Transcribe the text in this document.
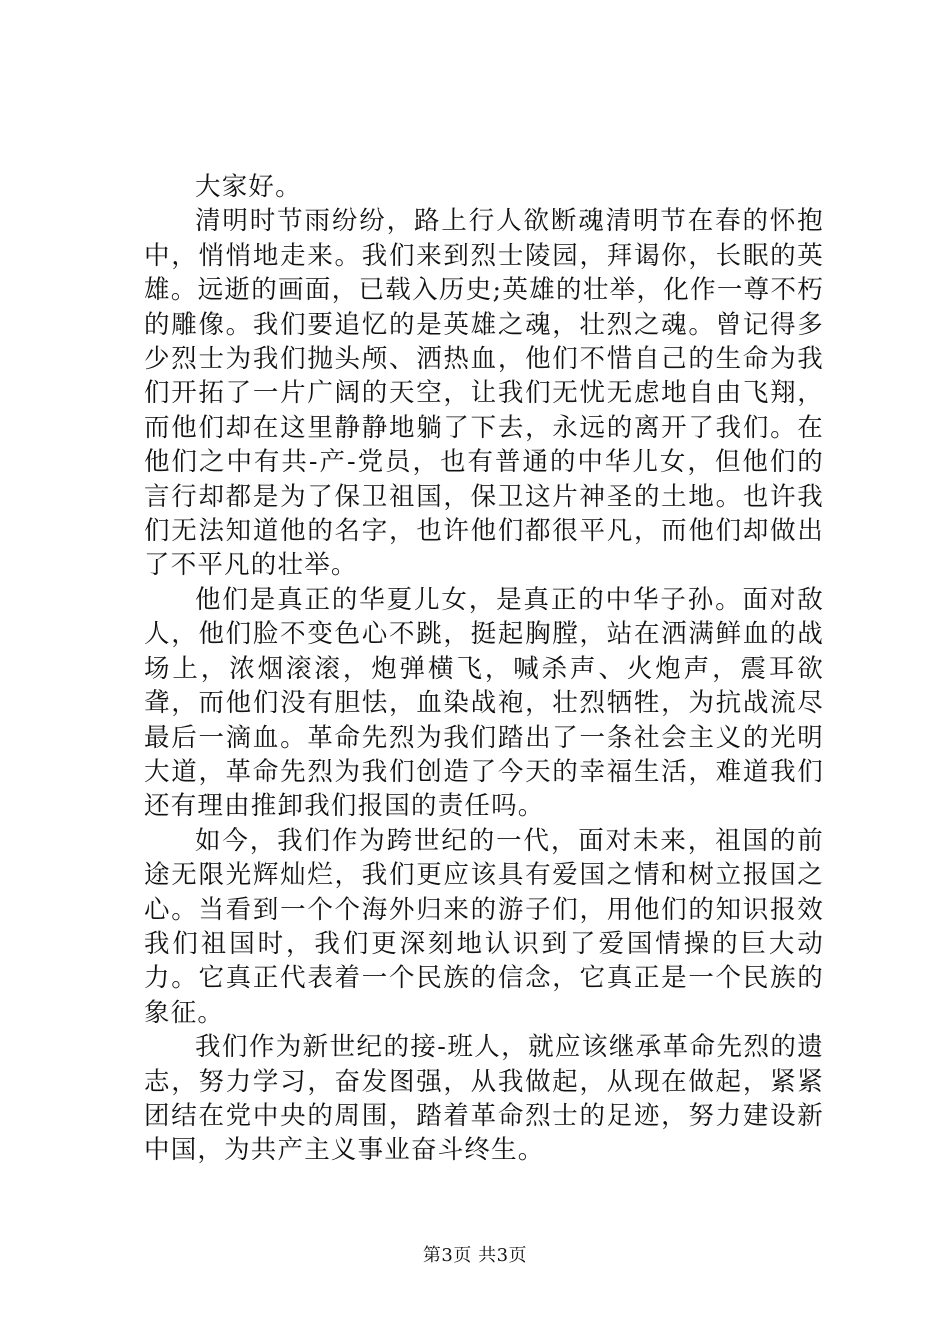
大家好。

清明时节雨纷纷，路上行人欲断魂清明节在春的怀抱中，悄悄地走来。我们来到烈士陵园，拜谒你，长眠的英雄。远逝的画面，已载入历史;英雄的壮举，化作一尊不朽的雕像。我们要追忆的是英雄之魂，壮烈之魂。曾记得多少烈士为我们抛头颅、洒热血，他们不惜自己的生命为我们开拓了一片广阔的天空，让我们无忧无虑地自由飞翔，而他们却在这里静静地躺了下去，永远的离开了我们。在他们之中有共-产-党员，也有普通的中华儿女，但他们的言行却都是为了保卫祖国，保卫这片神圣的土地。也许我们无法知道他的名字，也许他们都很平凡，而他们却做出了不平凡的壮举。

他们是真正的华夏儿女，是真正的中华子孙。面对敌人，他们脸不变色心不跳，挺起胸膛，站在洒满鲜血的战场上，浓烟滚滚，炮弹横飞，喊杀声、火炮声，震耳欲聋，而他们没有胆怯，血染战袍，壮烈牺牲，为抗战流尽最后一滴血。革命先烈为我们踏出了一条社会主义的光明大道，革命先烈为我们创造了今天的幸福生活，难道我们还有理由推卸我们报国的责任吗。

如今，我们作为跨世纪的一代，面对未来，祖国的前途无限光辉灿烂，我们更应该具有爱国之情和树立报国之心。当看到一个个海外归来的游子们，用他们的知识报效我们祖国时，我们更深刻地认识到了爱国情操的巨大动力。它真正代表着一个民族的信念，它真正是一个民族的象征。

我们作为新世纪的接-班人，就应该继承革命先烈的遗志，努力学习，奋发图强，从我做起，从现在做起，紧紧团结在党中央的周围，踏着革命烈士的足迹，努力建设新中国，为共产主义事业奋斗终生。

第3页 共3页
